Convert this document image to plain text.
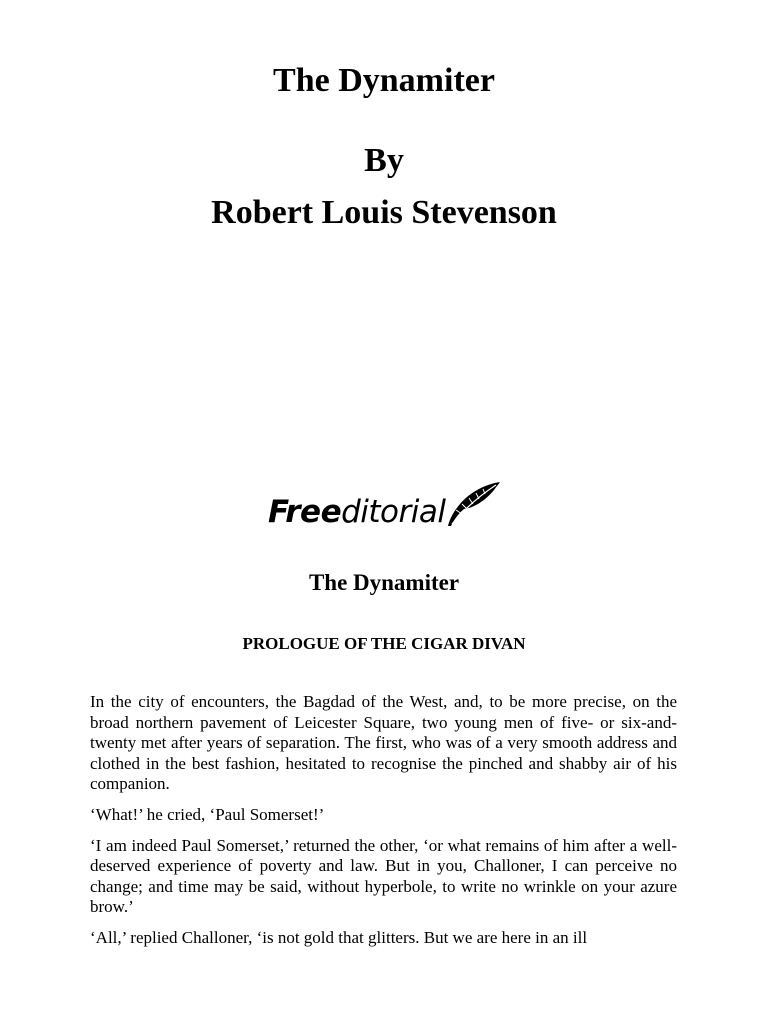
The Dynamiter
By
Robert Louis Stevenson
Freeditorial
The Dynamiter
PROLOGUE OF THE CIGAR DIVAN

In the city of encounters, the Bagdad of the West, and, to be more precise, on the broad northern pavement of Leicester Square, two young men of five- or six-and-twenty met after years of separation. The first, who was of a very smooth address and clothed in the best fashion, hesitated to recognise the pinched and shabby air of his companion.

‘What!’ he cried, ‘Paul Somerset!’

‘I am indeed Paul Somerset,’ returned the other, ‘or what remains of him after a well-deserved experience of poverty and law. But in you, Challoner, I can perceive no change; and time may be said, without hyperbole, to write no wrinkle on your azure brow.’

‘All,’ replied Challoner, ‘is not gold that glitters. But we are here in an ill
